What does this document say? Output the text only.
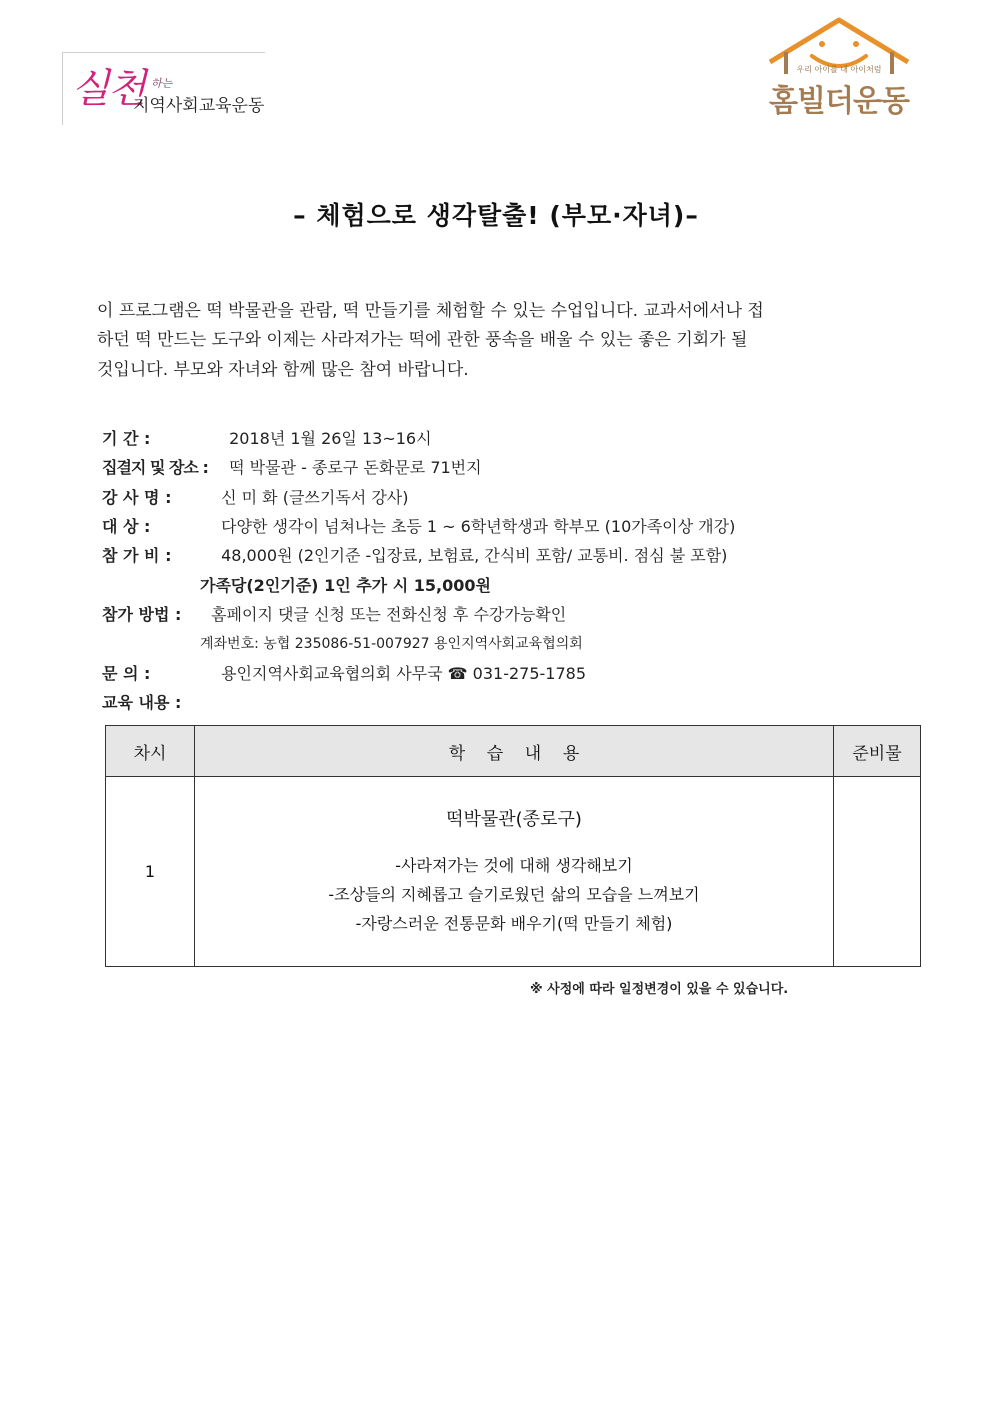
실천 하는
지역사회교육운동
우리 아이를 내 아이처럼
홈빌더운동
– 체험으로 생각탈출! (부모·자녀)–
이 프로그램은 떡 박물관을 관람, 떡 만들기를 체험할 수 있는 수업입니다. 교과서에서나 접
하던 떡 만드는 도구와 이제는 사라져가는 떡에 관한 풍속을 배울 수 있는 좋은 기회가 될
것입니다. 부모와 자녀와 함께 많은 참여 바랍니다.
기 간 :	2018년 1월 26일 13~16시
집결지 및 장소 : 떡 박물관 - 종로구 돈화문로 71번지
강 사 명 :	신 미 화 (글쓰기독서 강사)
대 상 :	다양한 생각이 넘쳐나는 초등 1 ~ 6학년학생과 학부모 (10가족이상 개강)
참 가 비 :	48,000원 (2인기준 -입장료, 보험료, 간식비 포함/ 교통비. 점심 불 포함)
가족당(2인기준) 1인 추가 시 15,000원
참가 방법 : 홈페이지 댓글 신청 또는 전화신청 후 수강가능확인
계좌번호: 농협 235086-51-007927 용인지역사회교육협의회
문 의 :	용인지역사회교육협의회 사무국 ☎ 031-275-1785
교육 내용 :
차시	학    습    내    용	준비물
1	떡박물관(종로구)
-사라져가는 것에 대해 생각해보기
-조상들의 지혜롭고 슬기로웠던 삶의 모습을 느껴보기
-자랑스러운 전통문화 배우기(떡 만들기 체험)	

※ 사정에 따라 일정변경이 있을 수 있습니다.
